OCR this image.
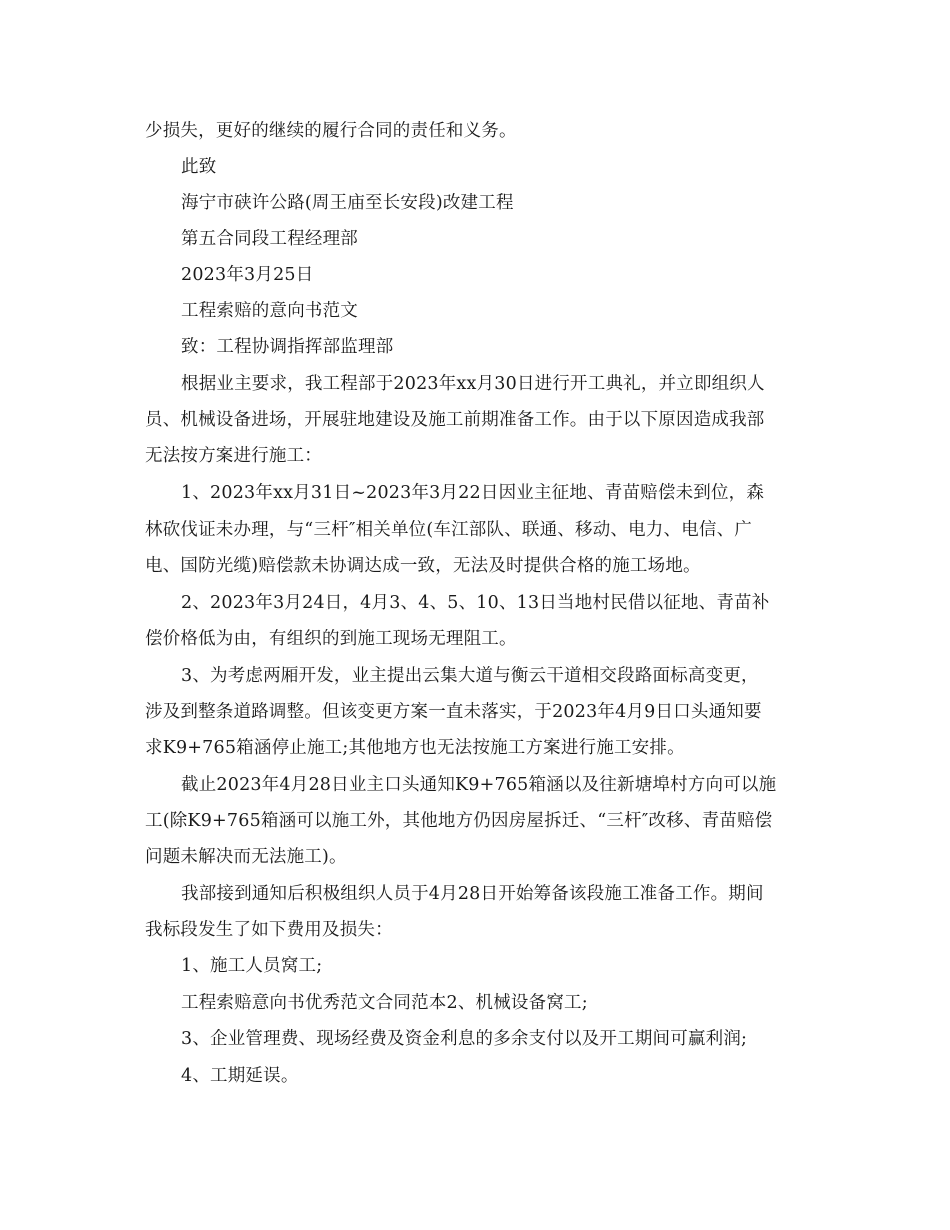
少损失，更好的继续的履行合同的责任和义务。
此致
海宁市硖许公路(周王庙至长安段)改建工程
第五合同段工程经理部
2023年3月25日
工程索赔的意向书范文
致：工程协调指挥部监理部
根据业主要求，我工程部于2023年xx月30日进行开工典礼，并立即组织人
员、机械设备进场，开展驻地建设及施工前期准备工作。由于以下原因造成我部
无法按方案进行施工：
1、2023年xx月31日~2023年3月22日因业主征地、青苗赔偿未到位，森
林砍伐证未办理，与“三杆″相关单位(车江部队、联通、移动、电力、电信、广
电、国防光缆)赔偿款未协调达成一致，无法及时提供合格的施工场地。
2、2023年3月24日，4月3、4、5、10、13日当地村民借以征地、青苗补
偿价格低为由，有组织的到施工现场无理阻工。
3、为考虑两厢开发，业主提出云集大道与衡云干道相交段路面标高变更，
涉及到整条道路调整。但该变更方案一直未落实，于2023年4月9日口头通知要
求K9+765箱涵停止施工;其他地方也无法按施工方案进行施工安排。
截止2023年4月28日业主口头通知K9+765箱涵以及往新塘埠村方向可以施
工(除K9+765箱涵可以施工外，其他地方仍因房屋拆迁、“三杆″改移、青苗赔偿
问题未解决而无法施工)。
我部接到通知后积极组织人员于4月28日开始筹备该段施工准备工作。期间
我标段发生了如下费用及损失：
1、施工人员窝工;
工程索赔意向书优秀范文合同范本2、机械设备窝工;
3、企业管理费、现场经费及资金利息的多余支付以及开工期间可赢利润;
4、工期延误。
